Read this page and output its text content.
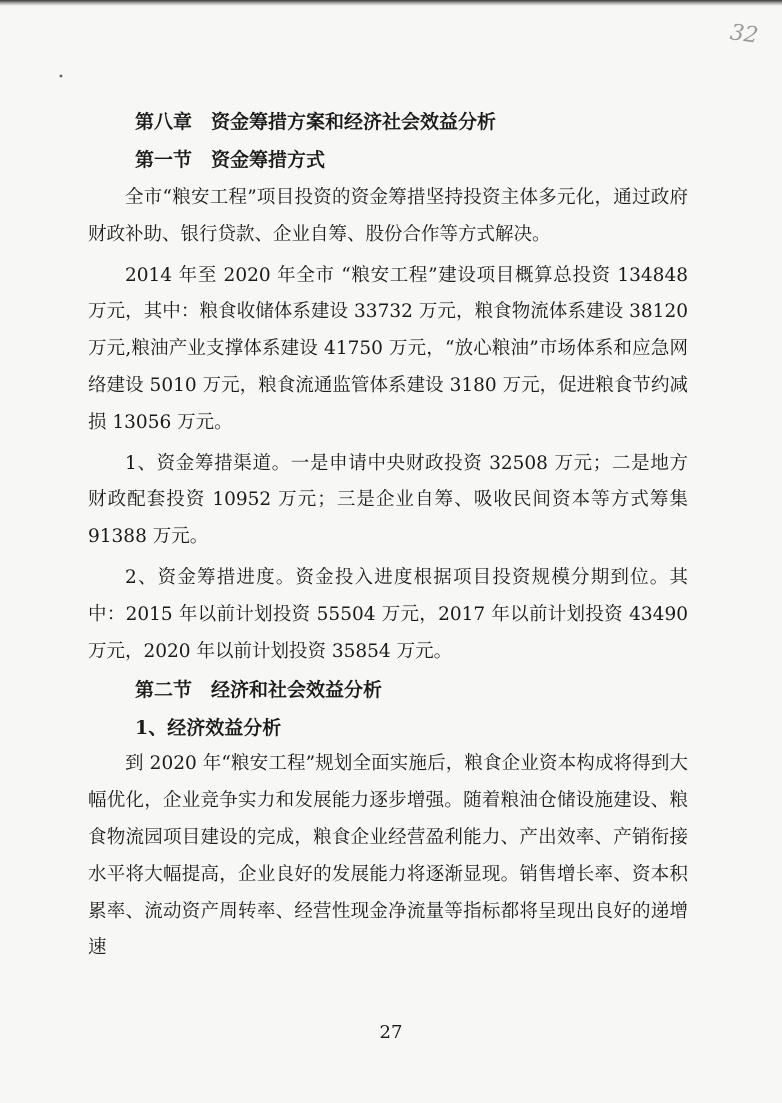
32
•
第八章　资金筹措方案和经济社会效益分析
第一节　资金筹措方式

全市“粮安工程”项目投资的资金筹措坚持投资主体多元化，通过政府财政补助、银行贷款、企业自筹、股份合作等方式解决。

2014 年至 2020 年全市 “粮安工程”建设项目概算总投资 134848 万元，其中：粮食收储体系建设 33732 万元，粮食物流体系建设 38120 万元,粮油产业支撑体系建设 41750 万元，“放心粮油”市场体系和应急网络建设 5010 万元，粮食流通监管体系建设 3180 万元，促进粮食节约减损 13056 万元。

1、资金筹措渠道。一是申请中央财政投资 32508 万元；二是地方财政配套投资 10952 万元；三是企业自筹、吸收民间资本等方式筹集 91388 万元。

2、资金筹措进度。资金投入进度根据项目投资规模分期到位。其中：2015 年以前计划投资 55504 万元，2017 年以前计划投资 43490 万元，2020 年以前计划投资 35854 万元。

第二节　经济和社会效益分析
1、经济效益分析

到 2020 年“粮安工程”规划全面实施后，粮食企业资本构成将得到大幅优化，企业竞争实力和发展能力逐步增强。随着粮油仓储设施建设、粮食物流园项目建设的完成，粮食企业经营盈利能力、产出效率、产销衔接水平将大幅提高，企业良好的发展能力将逐渐显现。销售增长率、资本积累率、流动资产周转率、经营性现金净流量等指标都将呈现出良好的递增速

27
